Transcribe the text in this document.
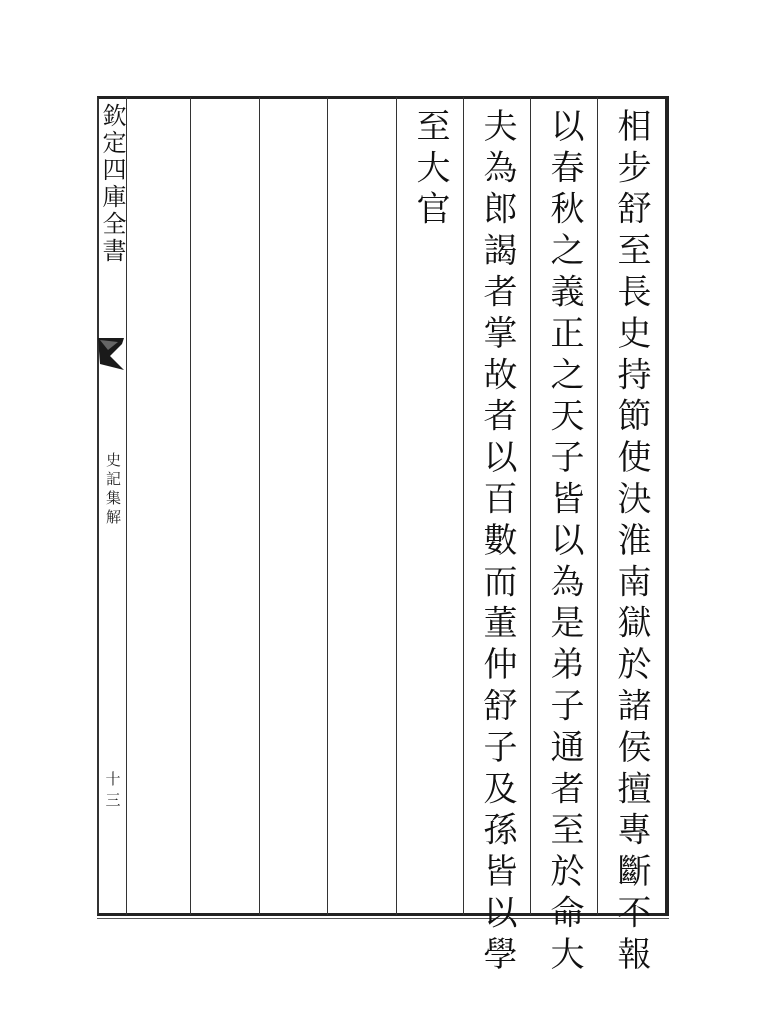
欽定四庫全書
史記集解
十三	相步舒至長史持節使決淮南獄於諸侯擅專斷不報
以春秋之義正之天子皆以為是弟子通者至於命大
夫為郎謁者掌故者以百數而董仲舒子及孫皆以學
至大官
